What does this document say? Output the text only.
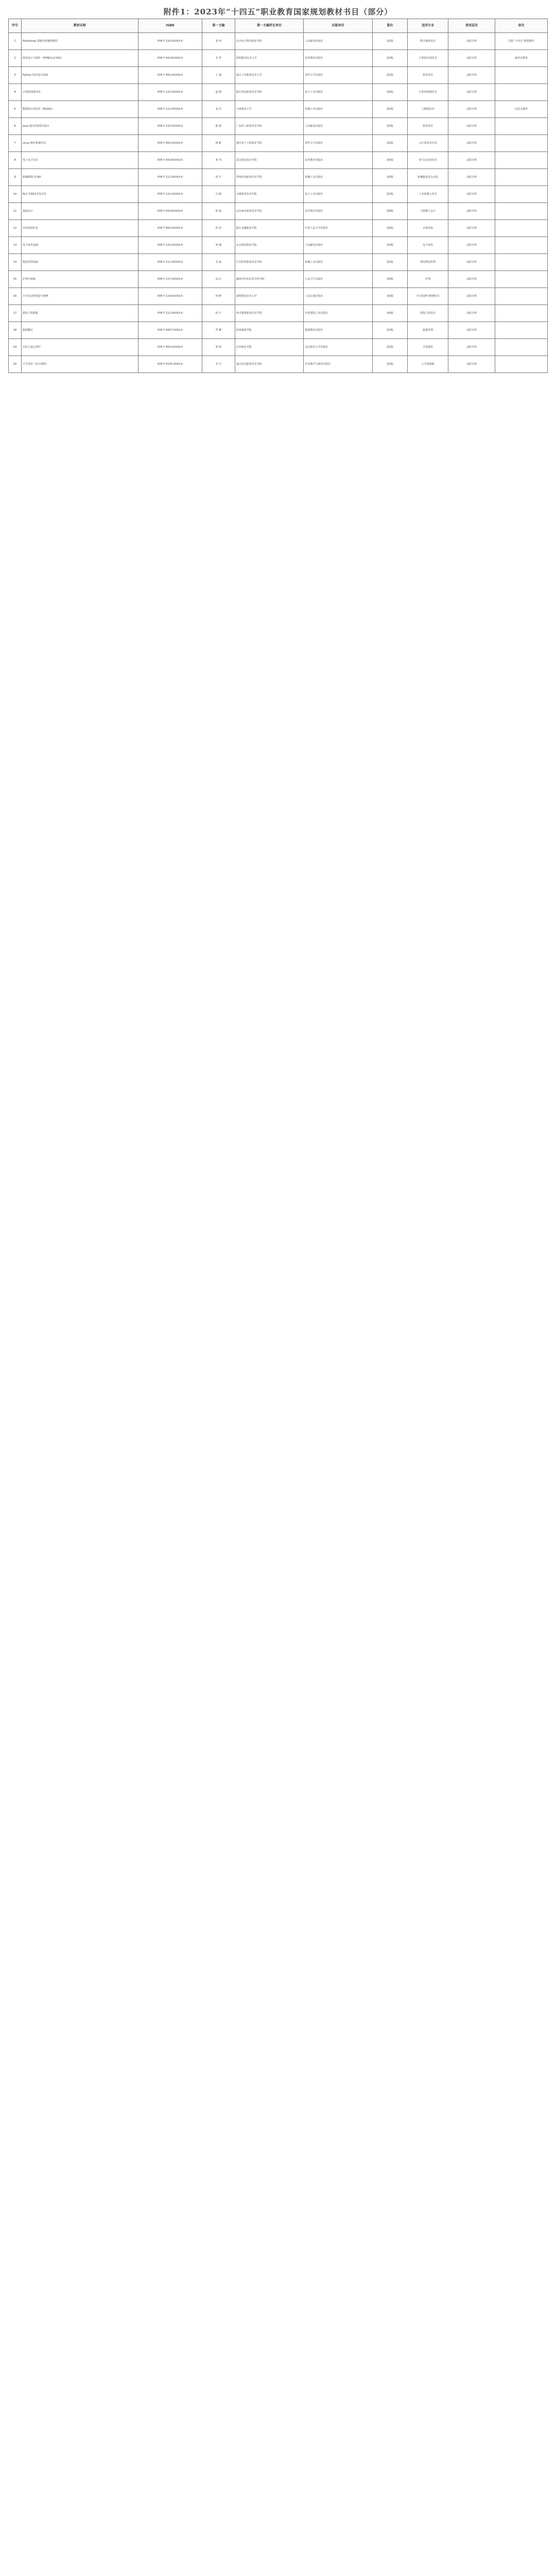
附件1：2023年“十四五”职业教育国家规划教材书目（部分）
序号	教材名称	ISBN	第一主编	第一主编所在单位	出版单位	版次	适用专业	使用层次	备注
1	Photoshop 图像处理案例教程	978-7-115-XXXXX-X	张 明	北京电子科技职业学院	人民邮电出版社	第2版	数字媒体技术	高职专科	首批“十四五”规划教材
2	网页设计与制作（HTML5+CSS3）	978-7-04-XXXXXX-X	李 华	深圳职业技术大学	高等教育出版社	第3版	计算机应用技术	高职专科	新形态教材
3	Python 程序设计基础	978-7-302-XXXXX-X	王 强	南京工业职业技术大学	清华大学出版社	第2版	软件技术	高职专科	
4	计算机网络技术	978-7-121-XXXXX-X	赵 敏	浙江机电职业技术学院	电子工业出版社	第4版	计算机网络技术	高职专科	
5	数据库应用技术（MySQL）	978-7-111-XXXXX-X	刘 洋	天津职业大学	机械工业出版社	第2版	大数据技术	高职专科	活页式教材
6	Java 面向对象程序设计	978-7-115-XXXXX-X	陈 静	广东轻工职业技术学院	人民邮电出版社	第3版	软件技术	高职专科	
7	Linux 操作系统应用	978-7-302-XXXXX-X	杨 帆	重庆电子工程职业学院	清华大学出版社	第2版	云计算技术应用	高职专科	
8	电工电子技术	978-7-04-XXXXXX-X	黄 伟	武汉职业技术学院	高等教育出版社	第5版	电气自动化技术	高职专科	
9	机械制图与CAD	978-7-111-XXXXX-X	周 军	常州机电职业技术学院	机械工业出版社	第3版	机械制造及自动化	高职专科	
10	PLC 控制技术及应用	978-7-121-XXXXX-X	吴 刚	无锡职业技术学院	电子工业出版社	第2版	工业机器人技术	高职专科	
11	基础会计	978-7-04-XXXXXX-X	徐 丽	山东商业职业技术学院	高等教育出版社	第6版	大数据与会计	高职专科	
12	市场营销实务	978-7-300-XXXXX-X	孙 涛	浙江金融职业学院	中国人民大学出版社	第4版	市场营销	高职专科	
13	电子商务基础	978-7-115-XXXXX-X	胡 燕	北京财贸职业学院	人民邮电出版社	第3版	电子商务	高职专科	
14	物流管理基础	978-7-111-XXXXX-X	朱 斌	江苏经贸职业技术学院	机械工业出版社	第2版	现代物流管理	高职专科	
15	护理学基础	978-7-117-XXXXX-X	高 红	湖南中医药高等专科学校	人民卫生出版社	第4版	护理	高职专科	
16	汽车发动机构造与维修	978-7-114-XXXXX-X	林 峰	深圳职业技术大学	人民交通出版社	第3版	汽车检测与维修技术	高职专科	
17	建筑工程测量	978-7-112-XXXXX-X	何 平	四川建筑职业技术学院	中国建筑工业出版社	第4版	建筑工程技术	高职专科	
18	旅游概论	978-7-5637-XXXX-X	罗 琳	桂林旅游学院	旅游教育出版社	第3版	旅游管理	高职专科	
19	学前儿童心理学	978-7-303-XXXXX-X	梁 婷	长沙师范学院	北京师范大学出版社	第2版	学前教育	高职专科	
20	大学英语（综合教程）	978-7-5135-XXXX-X	宋 雪	南京信息职业技术学院	外语教学与研究出版社	第3版	公共基础课	高职专科	
